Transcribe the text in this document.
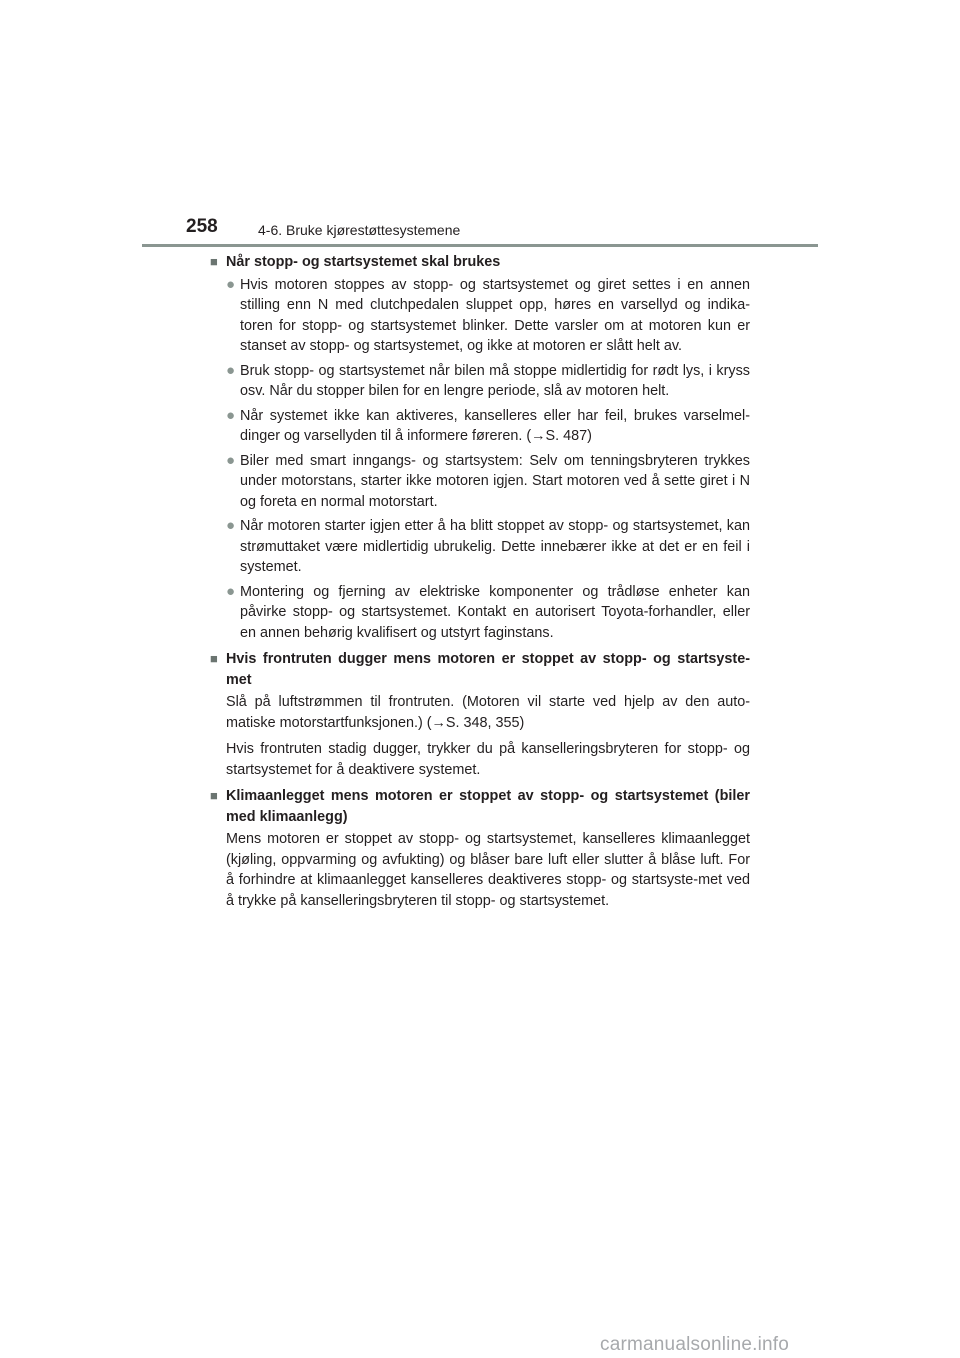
258	4-6. Bruke kjørestøttesystemene
■ Når stopp- og startsystemet skal brukes
● Hvis motoren stoppes av stopp- og startsystemet og giret settes i en annen stilling enn N med clutchpedalen sluppet opp, høres en varsellyd og indika-toren for stopp- og startsystemet blinker. Dette varsler om at motoren kun er stanset av stopp- og startsystemet, og ikke at motoren er slått helt av.
● Bruk stopp- og startsystemet når bilen må stoppe midlertidig for rødt lys, i kryss osv. Når du stopper bilen for en lengre periode, slå av motoren helt.
● Når systemet ikke kan aktiveres, kanselleres eller har feil, brukes varselmel-dinger og varsellyden til å informere føreren. (→S. 487)
● Biler med smart inngangs- og startsystem: Selv om tenningsbryteren trykkes under motorstans, starter ikke motoren igjen. Start motoren ved å sette giret i N og foreta en normal motorstart.
● Når motoren starter igjen etter å ha blitt stoppet av stopp- og startsystemet, kan strømuttaket være midlertidig ubrukelig. Dette innebærer ikke at det er en feil i systemet.
● Montering og fjerning av elektriske komponenter og trådløse enheter kan påvirke stopp- og startsystemet. Kontakt en autorisert Toyota-forhandler, eller en annen behørig kvalifisert og utstyrt faginstans.
■ Hvis frontruten dugger mens motoren er stoppet av stopp- og startsyste-met

Slå på luftstrømmen til frontruten. (Motoren vil starte ved hjelp av den auto-matiske motorstartfunksjonen.) (→S. 348, 355)

Hvis frontruten stadig dugger, trykker du på kanselleringsbryteren for stopp- og startsystemet for å deaktivere systemet.

■ Klimaanlegget mens motoren er stoppet av stopp- og startsystemet (biler med klimaanlegg)

Mens motoren er stoppet av stopp- og startsystemet, kanselleres klimaanlegget (kjøling, oppvarming og avfukting) og blåser bare luft eller slutter å blåse luft. For å forhindre at klimaanlegget kanselleres deaktiveres stopp- og startsyste-met ved å trykke på kanselleringsbryteren til stopp- og startsystemet.

carmanualsonline.info
